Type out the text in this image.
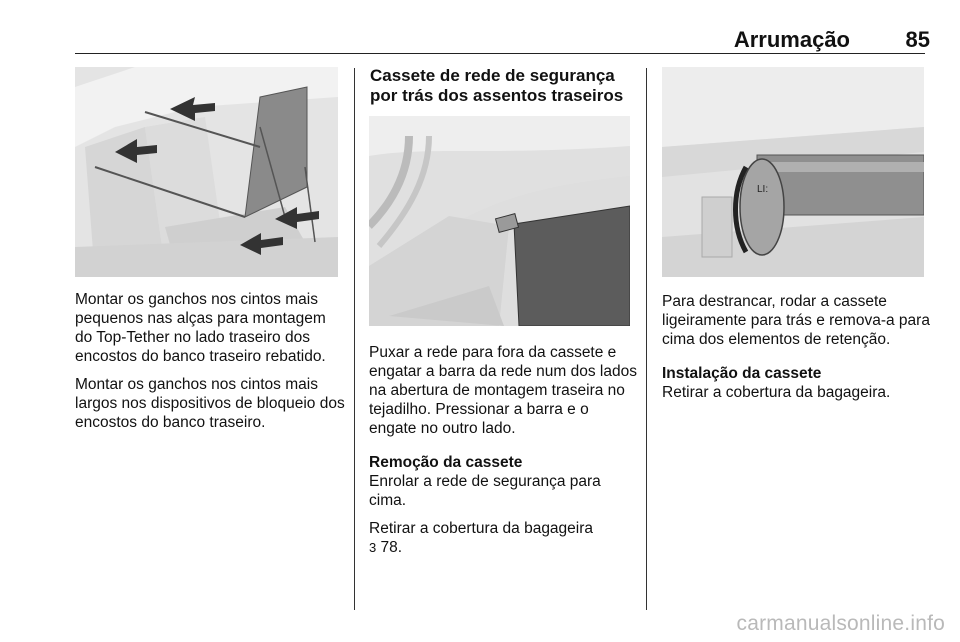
Arrumação	85
LI:

Montar os ganchos nos cintos mais pequenos nas alças para montagem do Top-Tether no lado traseiro dos encostos do banco traseiro rebatido.

Montar os ganchos nos cintos mais largos nos dispositivos de bloqueio dos encostos do banco traseiro.

Cassete de rede de segurança por trás dos assentos traseiros

Puxar a rede para fora da cassete e engatar a barra da rede num dos lados na abertura de montagem traseira no tejadilho. Pressionar a barra e o engate no outro lado.

Remoção da cassete
Enrolar a rede de segurança para cima.

Retirar a cobertura da bagageira
3 78.

Para destrancar, rodar a cassete ligeiramente para trás e remova-a para cima dos elementos de retenção.

Instalação da cassete
Retirar a cobertura da bagageira.

carmanualsonline.info
